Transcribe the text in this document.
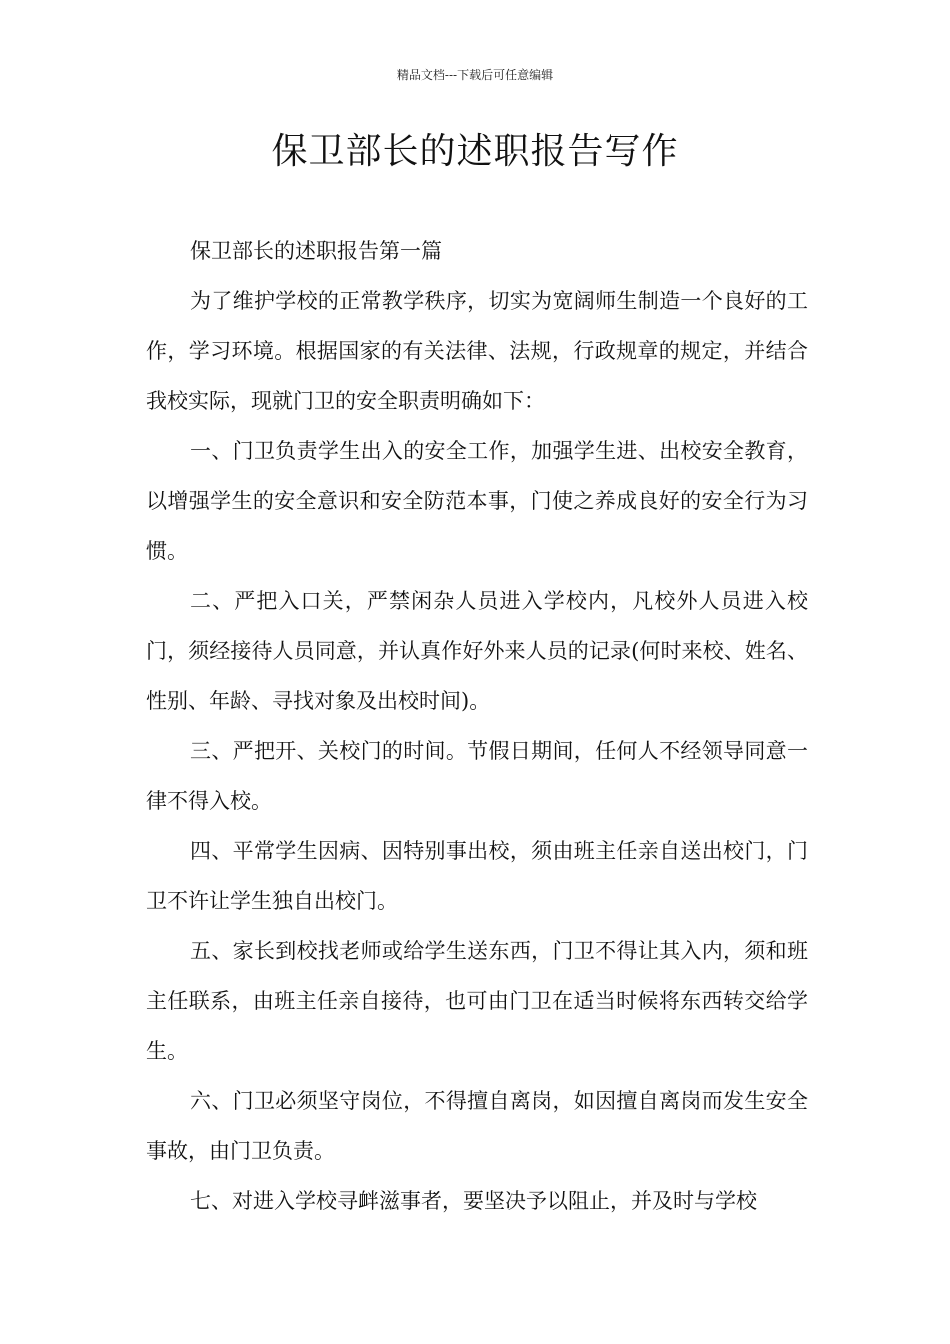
精品文档---下载后可任意编辑
保卫部长的述职报告写作

保卫部长的述职报告第一篇

为了维护学校的正常教学秩序，切实为宽阔师生制造一个良好的工作，学习环境。根据国家的有关法律、法规，行政规章的规定，并结合我校实际，现就门卫的安全职责明确如下：

一、门卫负责学生出入的安全工作，加强学生进、出校安全教育，以增强学生的安全意识和安全防范本事，门使之养成良好的安全行为习惯。

二、严把入口关，严禁闲杂人员进入学校内，凡校外人员进入校门，须经接待人员同意，并认真作好外来人员的记录(何时来校、姓名、性别、年龄、寻找对象及出校时间)。

三、严把开、关校门的时间。节假日期间，任何人不经领导同意一律不得入校。

四、平常学生因病、因特别事出校，须由班主任亲自送出校门，门卫不许让学生独自出校门。

五、家长到校找老师或给学生送东西，门卫不得让其入内，须和班主任联系，由班主任亲自接待，也可由门卫在适当时候将东西转交给学生。

六、门卫必须坚守岗位，不得擅自离岗，如因擅自离岗而发生安全事故，由门卫负责。

七、对进入学校寻衅滋事者，要坚决予以阻止，并及时与学校
